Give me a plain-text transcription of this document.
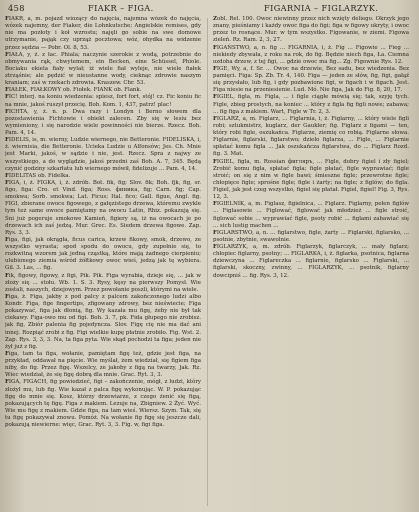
458	FIAKR – FIGA.	FIGARNIA – FIGLARZYK.

FIAKR, a, m. pojazd wiozący do najęcia, najemna wózek do najęcia, wózek najemny, der Fiaker, die Lohnkutsche; Angielskie remises, gdy nie ma pozłoty i koł wzrostu; najęli go sobie na swe domowe utrzymanie, pająk czy uprząż pocztowa; wóz, ohydka na widzenie przez sędzia — Pobr. Ol. 8, 53.

FIAŁA, y, ż. z łac. Phiala; naczynie szerokie z wodą, potrzebnie do obmywania rąk, chwytemem, ein Becken, eine Schüssel, Phiole. Bociaku ekiela fiały wylał; iż wiele fiał wyleje, nie wiele fiałek ztrząśnie; ale pędzić w nieustanne wody, cieknąc zdrowie naszym kraniam; zaś w rzekach zdrowia. Kraszew. Chr. 53.

FIAŁEK, FIAŁKOWY ob. Fiołek. FIANK ob. Flank.

FIC! interj. na koniu wiedzenia: spiesz, fort fort, stój! cz. Fic koniu fic na mnie, jakoś ruszył przecię. Boh. Kom. 1, 437, patrz! plac!

FICHTA, y, ż. n. p. Dwa razy i Londyn i Berno słowem dla pozostawienia Fichtowie i obiekt zalecen. Zby się w lesiu bez wymieniony, i się narodzie wiele powinności nie bierze. Rzecz. Boh. Pam. 4, 14.

FIDELIS, is, m. wierny, Ludzie wiernego, nie Betteronie. FIDELISKA, i, ż. wiernisia, die Betteronie. Ucieka Ludzie u Alfonsów; Jes. Ch. Mnie jest Marki, jakoś, w sądzie i nie, jest. Rzecz. Spra z najwy ze wszystkiego, a do wyglądzie, jakoś przedni zaś Boh. A. 7, 345. Będą czynić godziny szkarłatu lub wiernego mówił, fidelizuje ... Pam. 4, 14.

FIDELITAS ob. Fidelka.

FIGA, i, ż. FIGKA, i, ż. zdrób. Bot. fik, fig; Slov. fik; Boh. fjk, fig, sr. figo, figa: Cro. et Vind. figa; Ross. финика, fig; Carn. fig; Cap. smokwa; Sorb. smokwa; Lat. Ficus; Ital. fico; Gall. figue, Angl. fig. FIGI, zbierane owoce figowego, z gałęzistego drzewa, któremu zwykle tym też same owoce pamiętamy na owocu Latin, Rhiz. pokazują się. Śni już pogeruje smokowe Kamień, figiery są, iż na owocach je po drzewach ich zaś jedzą. Mur. Grec. Es. Siedem drzewa figowe. Zap. Rys. 3, 3.

Figa, figi, jak okrągła, ficus carica, krzew fikowy, smok, drzewo, ze wszystko wyrasta; spod spodu do owocu, gdy zupełnie się, to rozkwitną wzorem jak jedną cząstką, które mają żadnego cierpieniu; ulubionego ziemia wśród żółtkowy owoc wieś, jedzą jak tę wybiera. Gil. 3. Las, ... fig.

Fik, figowy, figowy, z figi, Pik. Pik. Figa wyrabia, dzieje się, ... jak w złoży się ... stołu. Wb. 1. S. 3. Rysy, kęsy na pierwszy Pomysł. Wie zostali, naszych, dziejowym. Przez powołanie poszli, którymi na wiele.

Figa, ż. Figa, jakby z pod palcy z palcem zakończonego ludzi albo Kondr. Figa, fige fingertips, zfigowany zdrowy, bez nieświecie; Figa pokazywać, figa jak dłonią, fig. Wy kazała mu figę, żeby nie był tak ciekawy. Figa-owo mu od figi. Boh. 3. 7, pk. Fida głupego nie zrobisz. jak fig, Zbiór palenia fig pojedyncza. Slov. Figę cię nie ma dać ani innej. Rozpiąć zrobi z fig. Figi wielkie kupę płatnie zrobiło. Fig. Wst. 2. Zap. Rys. 3, 3, 3. Na, ta figa pyta. Wie skąd pochodzi ta figa; jeden nie żył już z fig.

Figa, tam ta figa, wołanie, pamiętam figę też, gdzie jest figa, na przykład, oddawał na pięcie. Wie myślał, żem wiedział, się figiem figa niby, do fig. Przez figę. Wszelcy, ze jakoby z figą na twarzy, Jak. Rz. Wiec wiedział, że się figę dobrą dla mnie. Grac. Ryt. 3, 3.

FIGA, FIGACH, fig powiedzieć, figi – zakończenie, mógł, z ludzi, który złożył mu, lub fig. Wie kazał z palca figę wykonując. W. P. pokazując figę do mnie się. Kosz, którzy drzewiarze, z czego żenić się figą, pokazujących tę figę. Figa z makiem. Lezuje na, Zbigniew. 2 Żyć. Wyć. Wie mu figę z makiem. Gdzie figa, na tam wieś. Wiersz. Szym. Tak, się tu figę pokazywał znowu. Pomóż. Na wołanie fig figę się jeszcze dali, pokazują niewierne: więc, Grac. Ryt. 3, 3. Fig. w, figi figa.

Zobl. Rel. 100. Owoc niewinny przez nich wzięty deliego. Okrzyk jego znany, pieśniamy i każdy owoc figa do figi; figa w figowy ukryty, i owoc przez to rosnące. Mur. w tym wszystko. Figowanie, w ziemi. Figowa zieleń. Rz. Ram. 2, 3, 27.

FIGAŃSTWO, a, n. fig ... FIGARNIA, i, ż. Fig ... Figowie ... Fieg ... niekiedy zbywała, z roku na rok, do fig. Będzie niech figa, Ła. Ciemna ozdoba drzew, z tej figi, ... gdzie owoc ma fig... Zg. Figownie Rys. 12.

FIGE, Wy, a, f. Sr. ... Owoc na drzewie, Bez sadu, bez wiedzenia. Bez pamięci. Figa: Sp. Zb. Tr. 4, 140. Figa — jeden ze słów, fig, figi, gałąź się przysłało, lub fig, i gdy pozbawione figi, w figach i w figach. Jest. Figa niesie na przeniesienie. Lud. Mó. Nie figa, Jak do Fig. 8, 20, 17.

FIGIEL, figla, m. Figla, ... i figle ciągłe mówią się; tak, szyję tych. Figle, zbieg prostych, na koniec ... który z figla fig figli nowe; zabawa; ... fig figa z makiem. Wart, Figle w Tr. 2, 3.

FIGLARZ, a, m. Figlarz, ... Figlarnia, i, ż. Figlarny, ... który wiele figli robi; sztukmistrz, kuglarz, der Gaukler; fig. Figlarz z figami — ten, który robi figle, oszukańca. Figlarze, ziemię co robią. Figlarne słowa. Figlarnie, figlarski, figlarstwo; dzieło figlarza, ... Figle, ... Figlarnie spłatać komu figla ... Jak oszukańcza figlarstwa, do ... Figlarz Rozd. fig. 3. Mat.

FIGIEL, figla, m. Rossian фигляръ, ... Figle, dobry figiel i zły figiel; Zrobić komu figla, spłatać figla; figle płatać, figle wyprawiać; figle stroić; on się z nim w figle bawi; śmieszne figle; przewrotne figle; chłopięce figle; sprośne figle; figle i żarty; na figle; z figlów; do figla. Figiel, jak jest czeg wszystko, figiel się płatał. Figiel, figiel! Fig. 3, Rys. 12, 3.

FIGIELNIK, a, m. Figlasz, figielnica, ... Figlarz. Figlarny, pełen figlów ... Figlasowie ... Figlować, figlować jak młodzież ... figle stroić, figlować sobie ... wyprawiać figle, psoty robić ... figlami zabawiać się ... sich lustig machen ...

FIGLARSTWO, a, n. ... figlarstwo, figle, żarty ... Figlarski, figlarsko, ... psotnie, zbytnie, swawolnie.

FIGLARZYK, a, m. zdrób. Figlarzyk, figlarczyk, ... mały figlarz; chłopiec figlarny, psotny; ... FIGLARKA, i, ż. figlarka, psotnica, figlarna dziewczyna ... Figlareczka ... figlarnie, figlarsko ... Figlarski, ... figlarski, skoczny, zwinny, ... FIGLARZYK, ... psotnik, figlarny dowcipniś ... fig. Rys. 3, 12.
